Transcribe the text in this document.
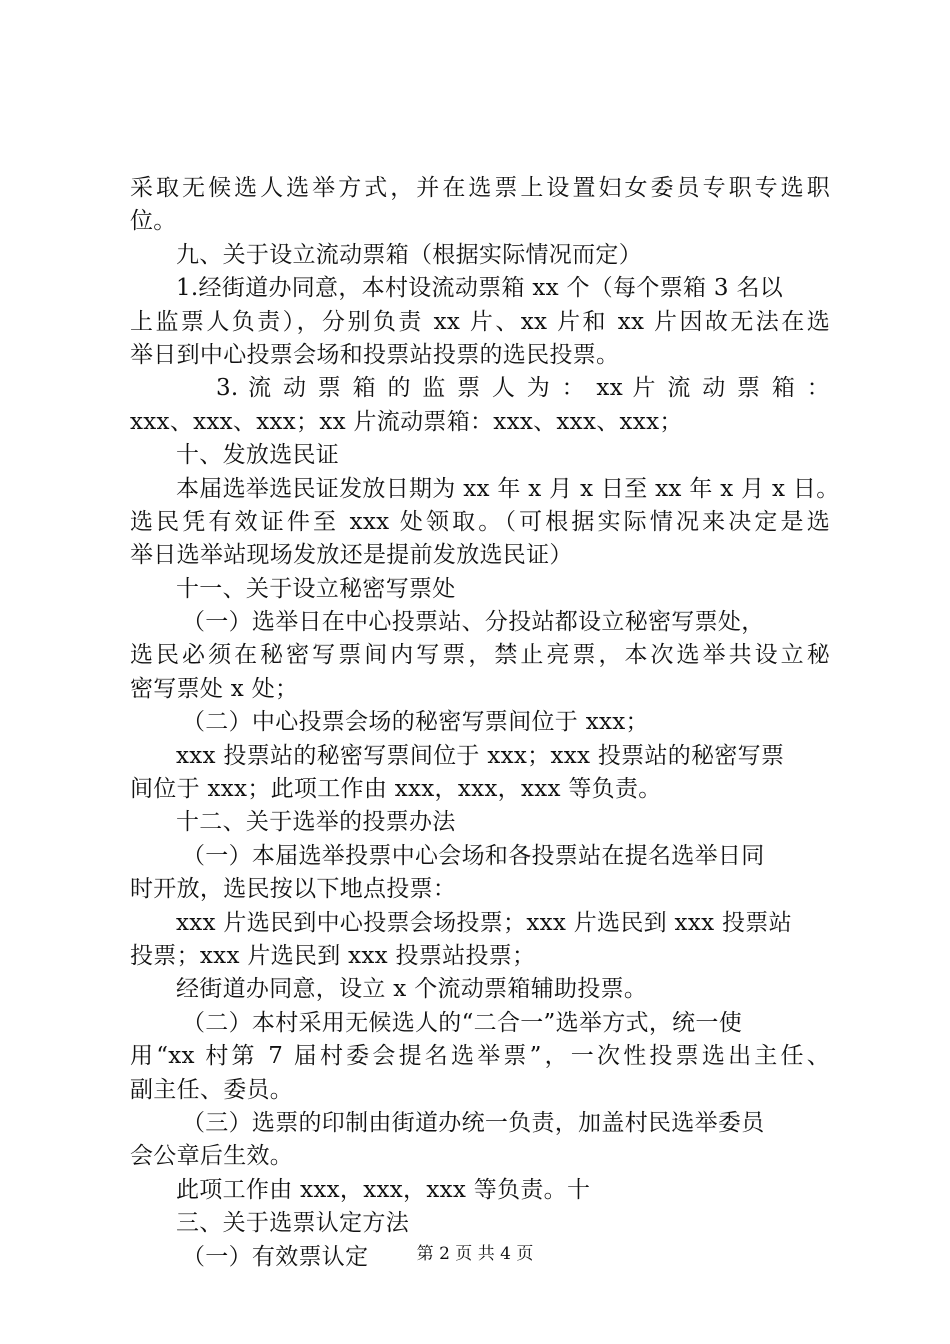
采取无候选人选举方式，并在选票上设置妇女委员专职专选职
位。
九、关于设立流动票箱（根据实际情况而定）
1.经街道办同意，本村设流动票箱 xx 个（每个票箱 3 名以
上监票人负责），分别负责 xx 片、xx 片和 xx 片因故无法在选
举日到中心投票会场和投票站投票的选民投票。
3. 流 动 票 箱 的 监 票 人 为 ： xx 片 流 动 票 箱 ：
xxx、xxx、xxx；xx 片流动票箱：xxx、xxx、xxx；
十、发放选民证
本届选举选民证发放日期为 xx 年 x 月 x 日至 xx 年 x 月 x 日。
选民凭有效证件至 xxx 处领取。（可根据实际情况来决定是选
举日选举站现场发放还是提前发放选民证）
十一、关于设立秘密写票处
（一）选举日在中心投票站、分投站都设立秘密写票处，
选民必须在秘密写票间内写票，禁止亮票，本次选举共设立秘
密写票处 x 处；
（二）中心投票会场的秘密写票间位于 xxx；
xxx 投票站的秘密写票间位于 xxx；xxx 投票站的秘密写票
间位于 xxx；此项工作由 xxx，xxx，xxx 等负责。
十二、关于选举的投票办法
（一）本届选举投票中心会场和各投票站在提名选举日同
时开放，选民按以下地点投票：
xxx 片选民到中心投票会场投票；xxx 片选民到 xxx 投票站
投票；xxx 片选民到 xxx 投票站投票；
经街道办同意，设立 x 个流动票箱辅助投票。
（二）本村采用无候选人的“二合一”选举方式，统一使
用“xx 村第 7 届村委会提名选举票”，一次性投票选出主任、
副主任、委员。
（三）选票的印制由街道办统一负责，加盖村民选举委员
会公章后生效。
此项工作由 xxx，xxx，xxx 等负责。十
三、关于选票认定方法
（一）有效票认定	第 2 页 共 4 页
